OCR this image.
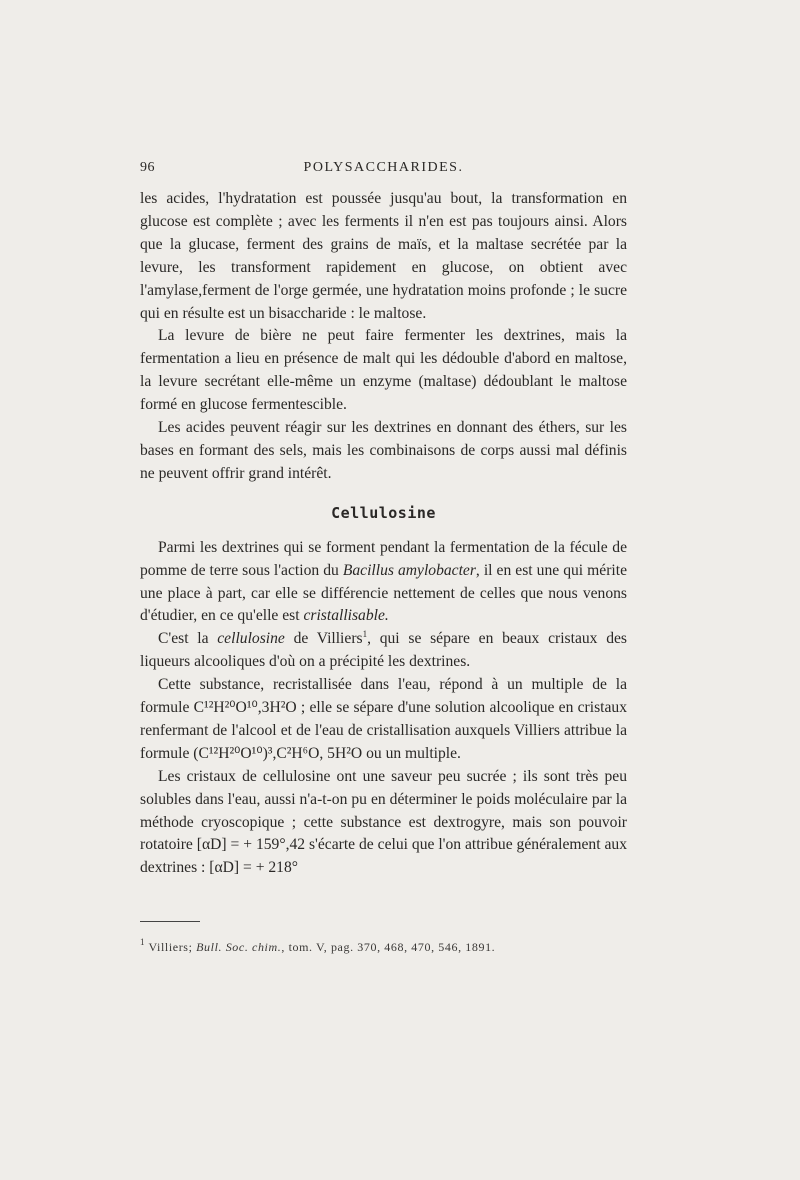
96	POLYSACCHARIDES.

les acides, l'hydratation est poussée jusqu'au bout, la transformation en glucose est complète ; avec les ferments il n'en est pas toujours ainsi. Alors que la glucase, ferment des grains de maïs, et la maltase secrétée par la levure, les transforment rapidement en glucose, on obtient avec l'amylase,ferment de l'orge germée, une hydratation moins profonde ; le sucre qui en résulte est un bisaccharide : le maltose.

La levure de bière ne peut faire fermenter les dextrines, mais la fermentation a lieu en présence de malt qui les dédouble d'abord en maltose, la levure secrétant elle-même un enzyme (maltase) dédoublant le maltose formé en glucose fermentescible.

Les acides peuvent réagir sur les dextrines en donnant des éthers, sur les bases en formant des sels, mais les combinaisons de corps aussi mal définis ne peuvent offrir grand intérêt.

Cellulosine

Parmi les dextrines qui se forment pendant la fermentation de la fécule de pomme de terre sous l'action du Bacillus amylobacter, il en est une qui mérite une place à part, car elle se différencie nettement de celles que nous venons d'étudier, en ce qu'elle est cristallisable.

C'est la cellulosine de Villiers$^1$, qui se sépare en beaux cristaux des liqueurs alcooliques d'où on a précipité les dextrines.

Cette substance, recristallisée dans l'eau, répond à un multiple de la formule C¹²H²⁰O¹⁰,3H²O ; elle se sépare d'une solution alcoolique en cristaux renfermant de l'alcool et de l'eau de cristallisation auxquels Villiers attribue la formule (C¹²H²⁰O¹⁰)³,C²H⁶O, 5H²O ou un multiple.

Les cristaux de cellulosine ont une saveur peu sucrée ; ils sont très peu solubles dans l'eau, aussi n'a-t-on pu en déterminer le poids moléculaire par la méthode cryoscopique ; cette substance est dextrogyre, mais son pouvoir rotatoire [αD] = + 159°,42 s'écarte de celui que l'on attribue généralement aux dextrines : [αD] = + 218°

$^1$ Villiers; Bull. Soc. chim., tom. V, pag. 370, 468, 470, 546, 1891.
